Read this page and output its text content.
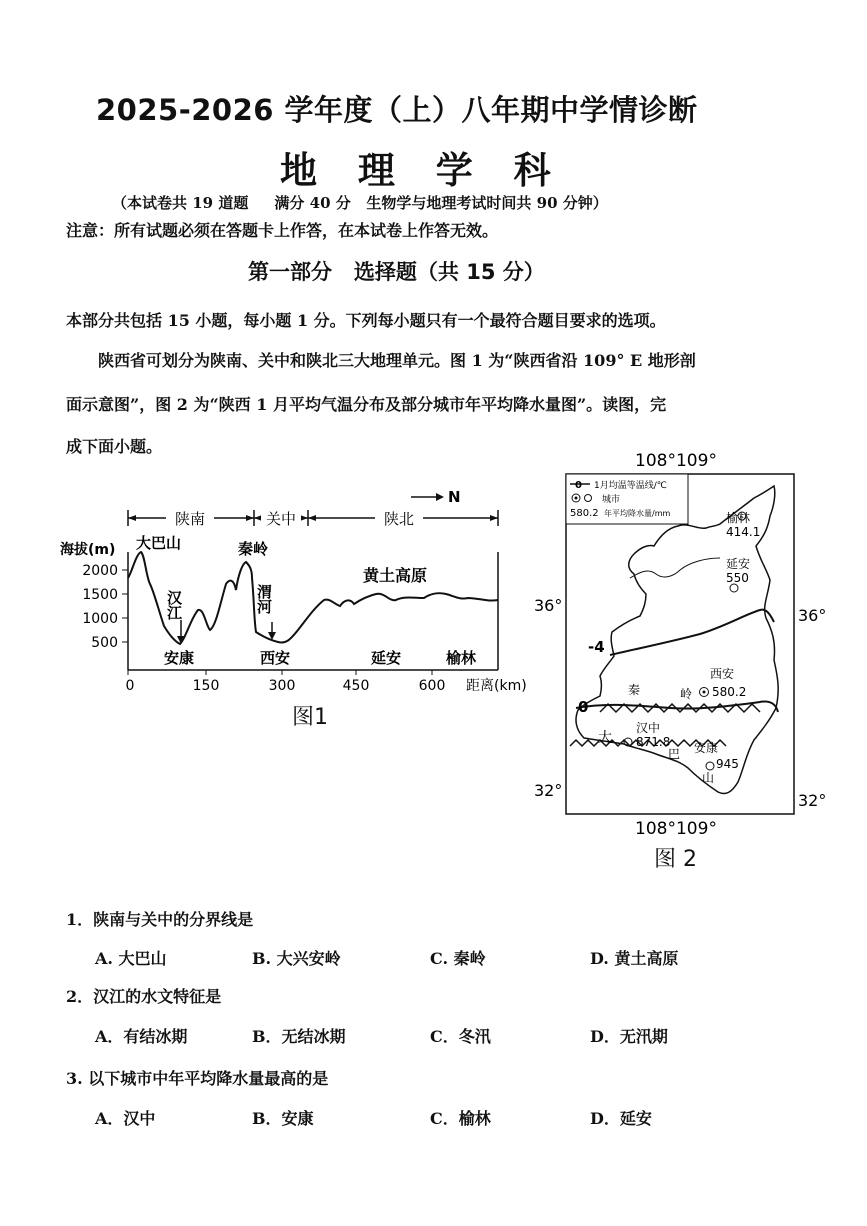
2025-2026 学年度（上）八年期中学情诊断
地 理 学 科
（本试卷共 19 道题     满分 40 分   生物学与地理考试时间共 90 分钟）
注意：所有试题必须在答题卡上作答，在本试卷上作答无效。
第一部分   选择题（共 15 分）
本部分共包括 15 小题，每小题 1 分。下列每小题只有一个最符合题目要求的选项。
陕西省可划分为陕南、关中和陕北三大地理单元。图 1 为“陕西省沿 109° E 地形剖
面示意图”，图 2 为“陕西 1 月平均气温分布及部分城市年平均降水量图”。读图，完
成下面小题。
陕南	关中	陕北
N
海拔(m)
2000
1500
1000
500
0	150	300	450	600 距离(km)
大巴山	秦岭
汉江	渭河
黄土高原
安康	西安	延安	榆林
图1
108°109°
0 1月均温等温线/℃
城市
580.2 年平均降水量/mm
-4
0
榆林
414.1
延安
550
西安
580.2
汉中
871.8 安康
945
秦	岭
大
巴
山
36°
36°
32°
32°
108°109°
图 2
1．陕南与关中的分界线是
A. 大巴山	B. 大兴安岭	C. 秦岭	D. 黄土高原
2．汉江的水文特征是
A．有结冰期	B．无结冰期	C．冬汛	D．无汛期
3. 以下城市中年平均降水量最高的是
A．汉中	B．安康	C．榆林	D．延安
